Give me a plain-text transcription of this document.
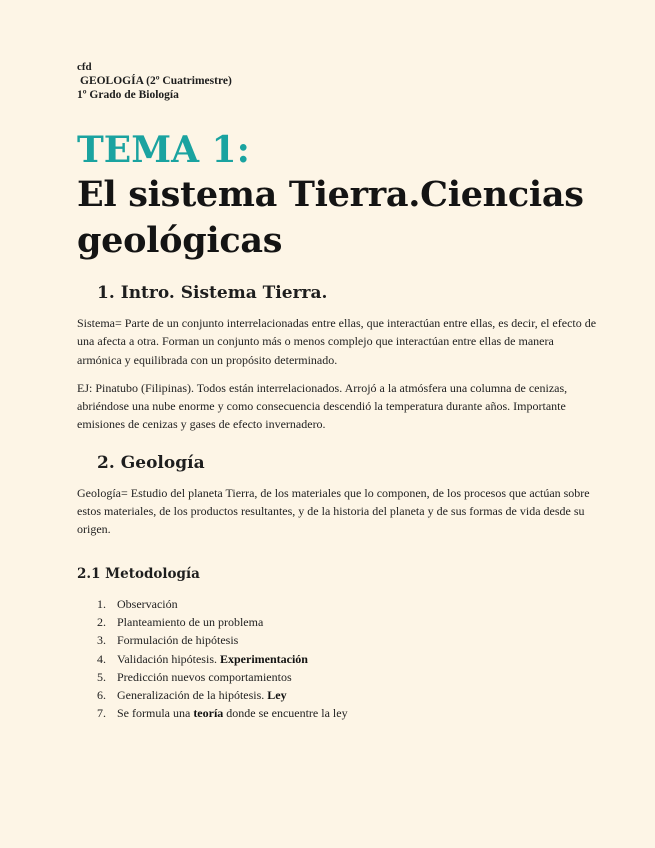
cfd
GEOLOGÍA (2º Cuatrimestre)
1º Grado de Biología
TEMA 1:
El sistema Tierra.Ciencias geológicas
1. Intro. Sistema Tierra.

Sistema= Parte de un conjunto interrelacionadas entre ellas, que interactúan entre ellas, es decir, el efecto de una afecta a otra. Forman un conjunto más o menos complejo que interactúan entre ellas de manera armónica y equilibrada con un propósito determinado.

EJ: Pinatubo (Filipinas). Todos están interrelacionados. Arrojó a la atmósfera una columna de cenizas, abriéndose una nube enorme y como consecuencia descendió la temperatura durante años. Importante emisiones de cenizas y gases de efecto invernadero.

2. Geología

Geología= Estudio del planeta Tierra, de los materiales que lo componen, de los procesos que actúan sobre estos materiales, de los productos resultantes, y de la historia del planeta y de sus formas de vida desde su origen.

2.1 Metodología
1. Observación
2. Planteamiento de un problema
3. Formulación de hipótesis
4. Validación hipótesis. Experimentación
5. Predicción nuevos comportamientos
6. Generalización de la hipótesis. Ley
7. Se formula una teoría donde se encuentre la ley
